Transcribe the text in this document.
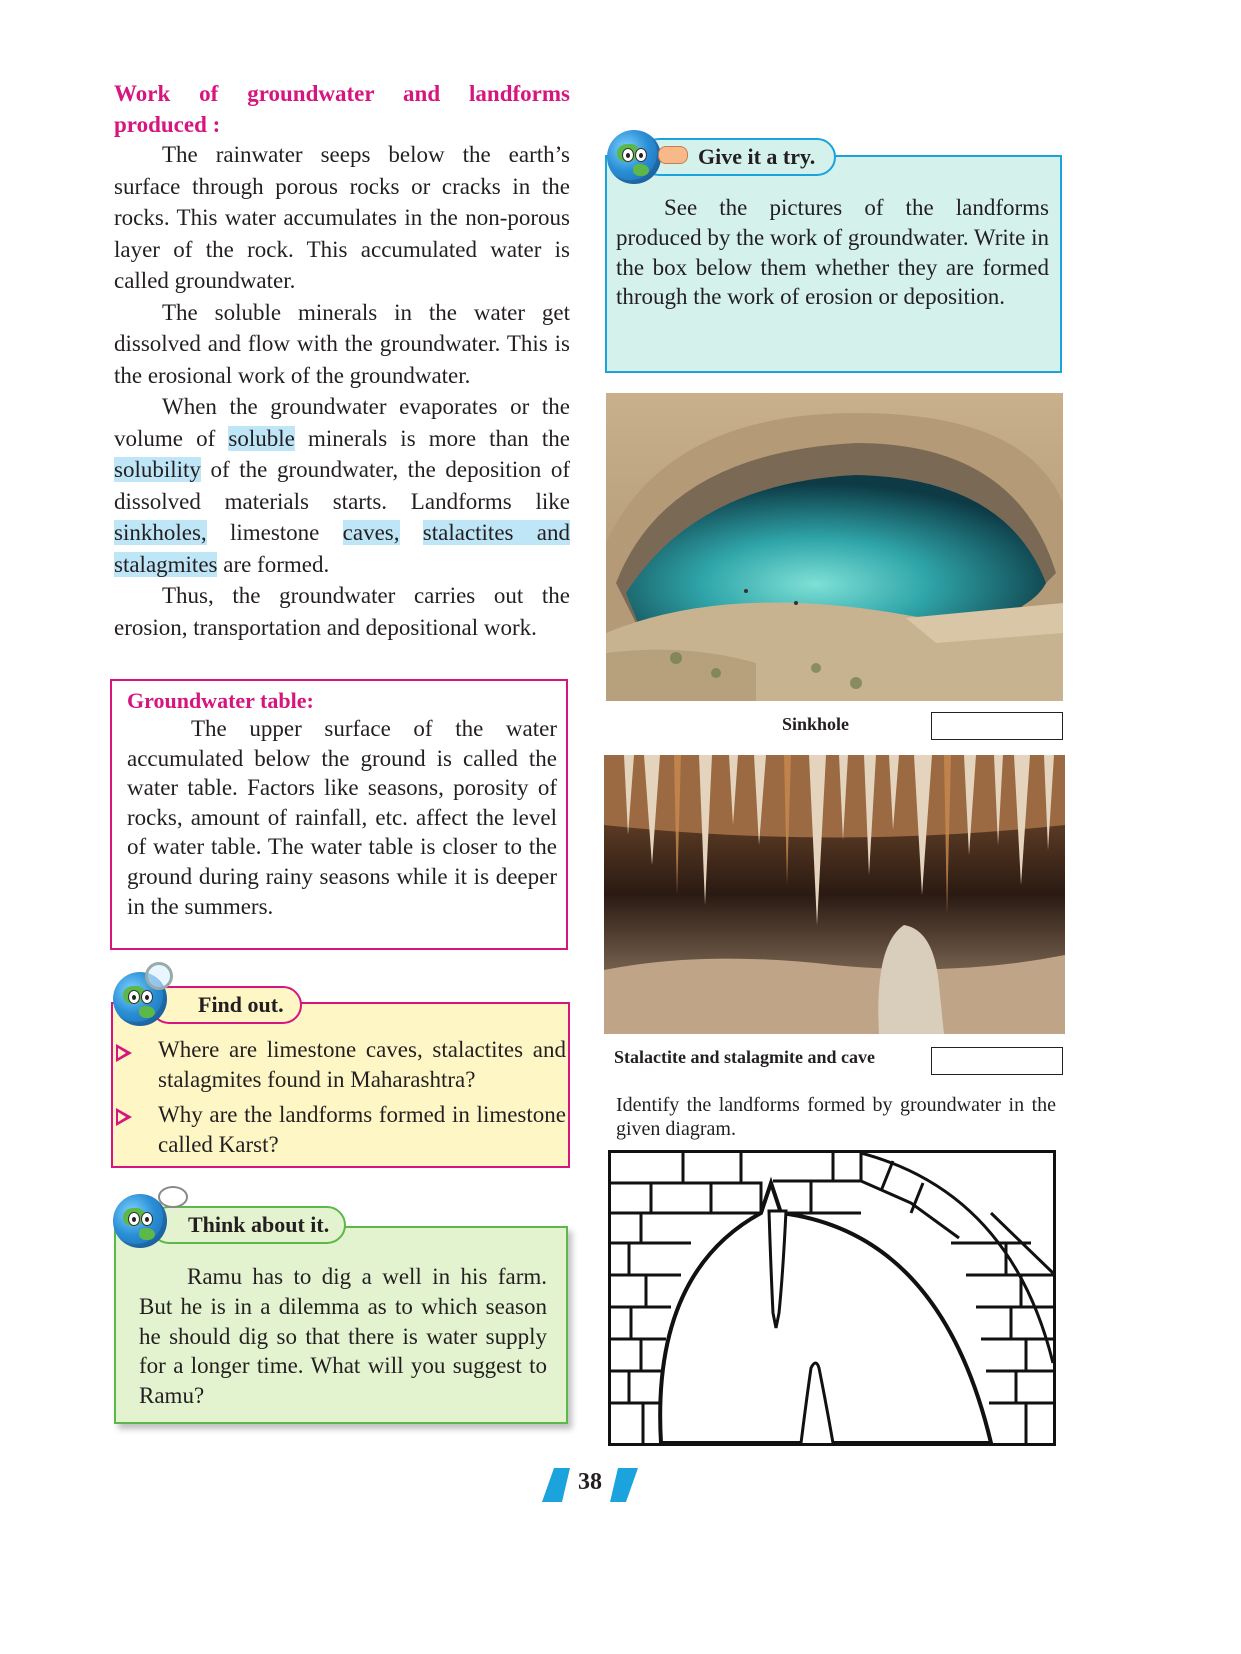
Work of groundwater and landforms
produced :

The rainwater seeps below the earth’s surface through porous rocks or cracks in the rocks. This water accumulates in the non-porous layer of the rock. This accumulated water is called groundwater.

The soluble minerals in the water get dissolved and flow with the groundwater. This is the erosional work of the groundwater.

When the groundwater evaporates or the volume of soluble minerals is more than the solubility of the groundwater, the deposition of dissolved materials starts. Landforms like sinkholes, limestone caves, stalactites and stalagmites are formed.

Thus, the groundwater carries out the erosion, transportation and depositional work.

Groundwater table:

The upper surface of the water accumulated below the ground is called the water table. Factors like seasons, porosity of rocks, amount of rainfall, etc. affect the level of water table. The water table is closer to the ground during rainy seasons while it is deeper in the summers.

Find out.
Where are limestone caves, stalactites and stalagmites found in Maharashtra?
Why are the landforms formed in limestone called Karst?
Think about it.

Ramu has to dig a well in his farm. But he is in a dilemma as to which season he should dig so that there is water supply for a longer time. What will you suggest to Ramu?

Give it a try.

See the pictures of the landforms produced by the work of groundwater. Write in the box below them whether they are formed through the work of erosion or deposition.

Sinkhole
Stalactite and stalagmite and cave
Identify the landforms formed by groundwater in the given diagram.
38
